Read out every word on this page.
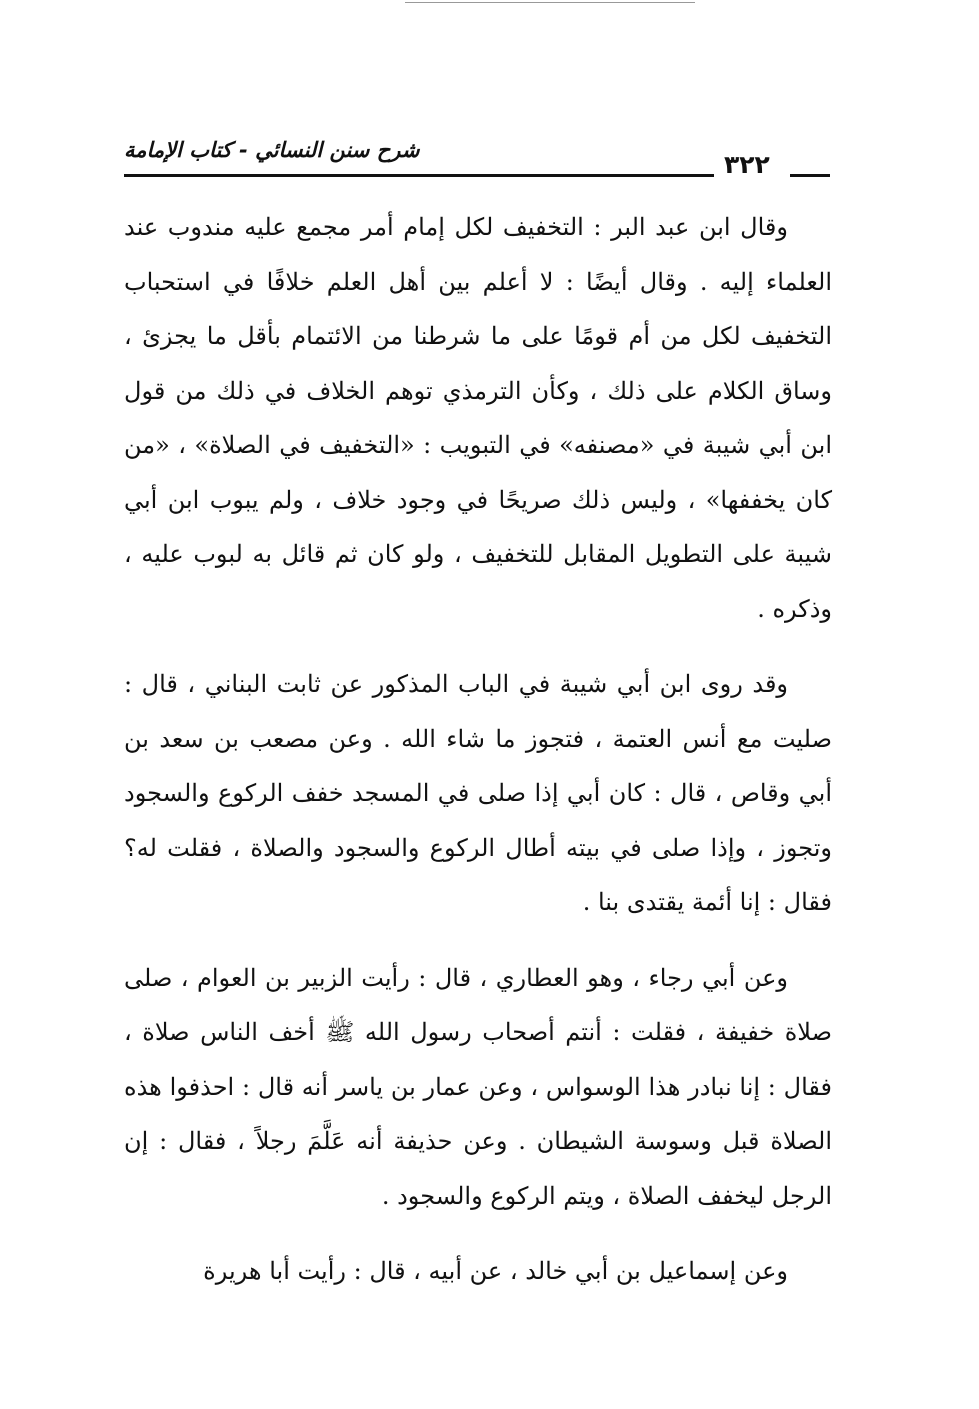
شرح سنن النسائي - كتاب الإمامة	٣٢٢

وقال ابن عبد البر : التخفيف لكل إمام أمر مجمع عليه مندوب عند العلماء إليه . وقال أيضًا : لا أعلم بين أهل العلم خلافًا في استحباب التخفيف لكل من أم قومًا على ما شرطنا من الائتمام بأقل ما يجزئ ، وساق الكلام على ذلك ، وكأن الترمذي توهم الخلاف في ذلك من قول ابن أبي شيبة في «مصنفه» في التبويب : «التخفيف في الصلاة» ، «من كان يخففها» ، وليس ذلك صريحًا في وجود خلاف ، ولم يبوب ابن أبي شيبة على التطويل المقابل للتخفيف ، ولو كان ثم قائل به لبوب عليه ، وذكره .

وقد روى ابن أبي شيبة في الباب المذكور عن ثابت البناني ، قال : صليت مع أنس العتمة ، فتجوز ما شاء الله . وعن مصعب بن سعد بن أبي وقاص ، قال : كان أبي إذا صلى في المسجد خفف الركوع والسجود وتجوز ، وإذا صلى في بيته أطال الركوع والسجود والصلاة ، فقلت له؟ فقال : إنا أئمة يقتدى بنا .

وعن أبي رجاء ، وهو العطاري ، قال : رأيت الزبير بن العوام ، صلى صلاة خفيفة ، فقلت : أنتم أصحاب رسول الله ﷺ أخف الناس صلاة ، فقال : إنا نبادر هذا الوسواس ، وعن عمار بن ياسر أنه قال : احذفوا هذه الصلاة قبل وسوسة الشيطان . وعن حذيفة أنه عَلَّمَ رجلاً ، فقال : إن الرجل ليخفف الصلاة ، ويتم الركوع والسجود .

وعن إسماعيل بن أبي خالد ، عن أبيه ، قال : رأيت أبا هريرة
